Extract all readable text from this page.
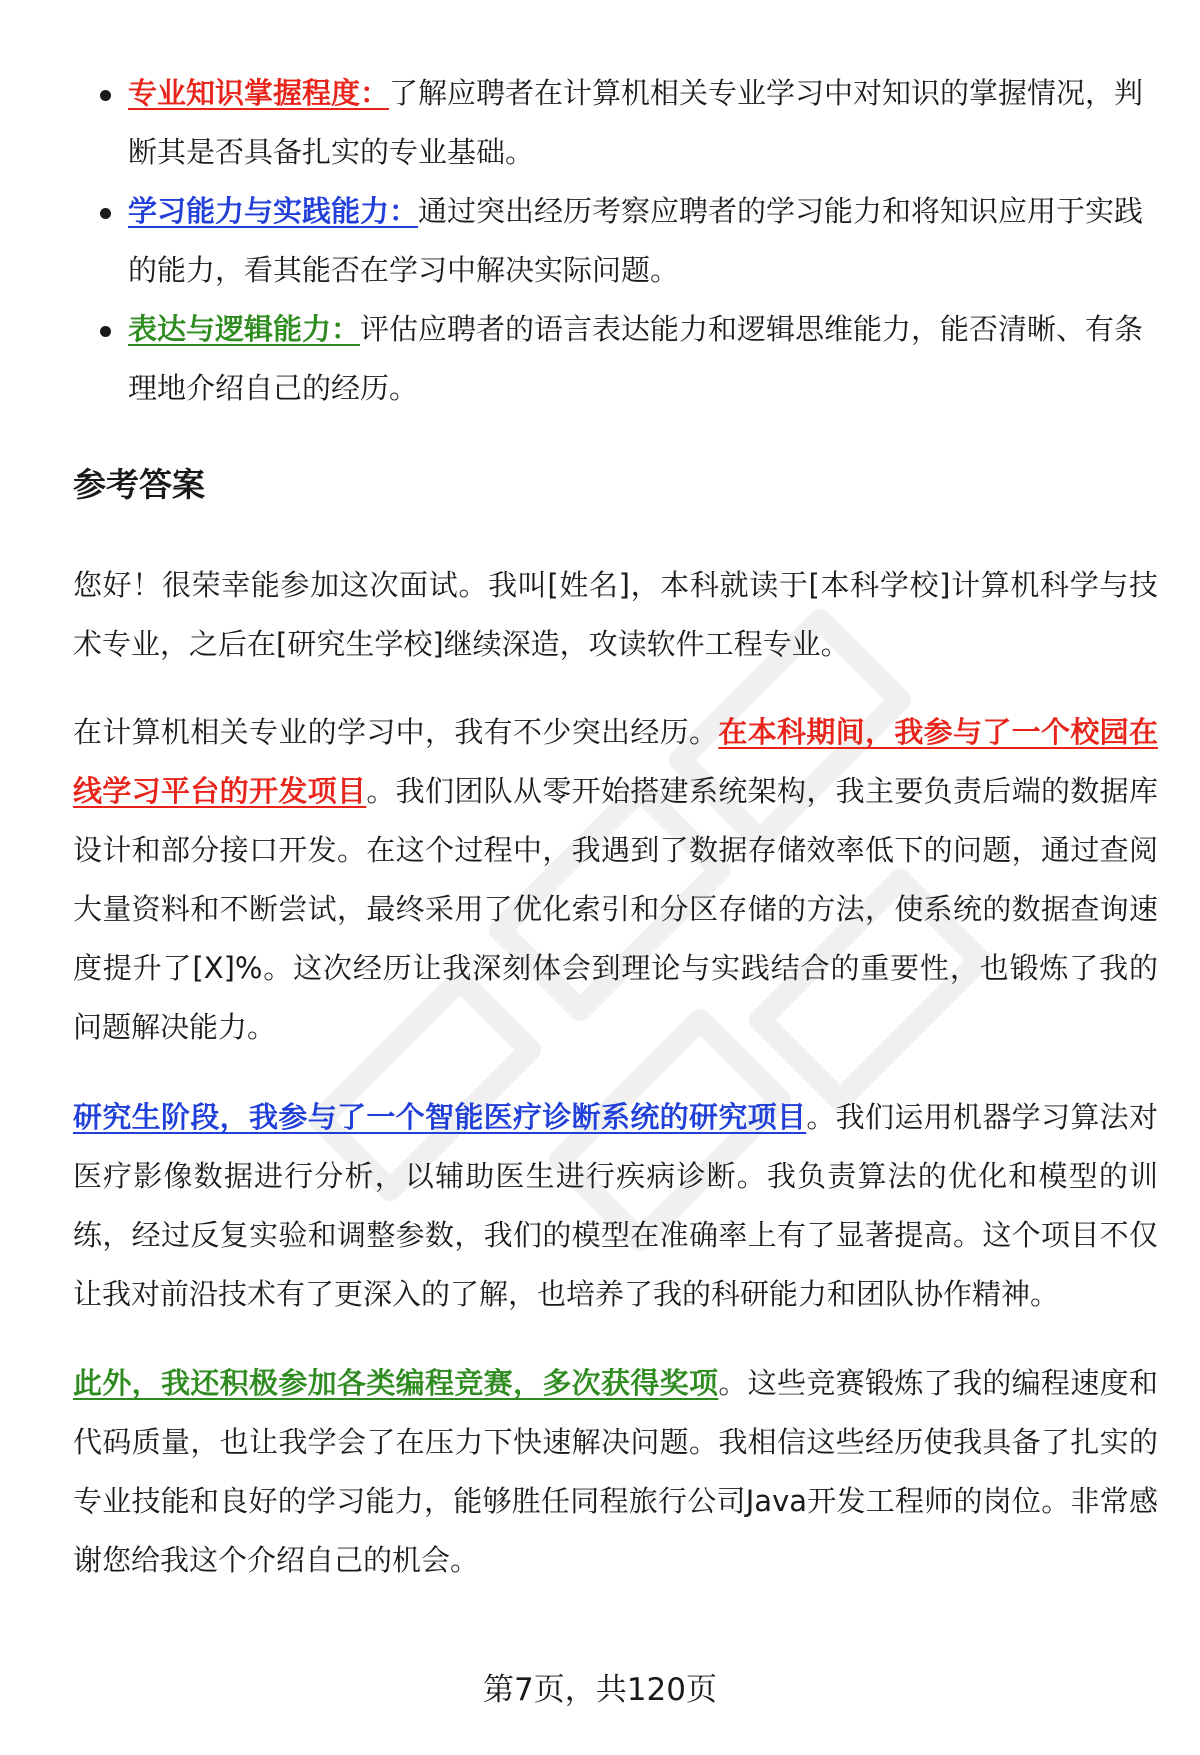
专业知识掌握程度：了解应聘者在计算机相关专业学习中对知识的掌握情况，判断其是否具备扎实的专业基础。
学习能力与实践能力：通过突出经历考察应聘者的学习能力和将知识应用于实践的能力，看其能否在学习中解决实际问题。
表达与逻辑能力：评估应聘者的语言表达能力和逻辑思维能力，能否清晰、有条理地介绍自己的经历。
参考答案

您好！很荣幸能参加这次面试。我叫[姓名]，本科就读于[本科学校]计算机科学与技术专业，之后在[研究生学校]继续深造，攻读软件工程专业。

在计算机相关专业的学习中，我有不少突出经历。在本科期间，我参与了一个校园在线学习平台的开发项目。我们团队从零开始搭建系统架构，我主要负责后端的数据库设计和部分接口开发。在这个过程中，我遇到了数据存储效率低下的问题，通过查阅大量资料和不断尝试，最终采用了优化索引和分区存储的方法，使系统的数据查询速度提升了[X]%。这次经历让我深刻体会到理论与实践结合的重要性，也锻炼了我的问题解决能力。

研究生阶段，我参与了一个智能医疗诊断系统的研究项目。我们运用机器学习算法对医疗影像数据进行分析，以辅助医生进行疾病诊断。我负责算法的优化和模型的训练，经过反复实验和调整参数，我们的模型在准确率上有了显著提高。这个项目不仅让我对前沿技术有了更深入的了解，也培养了我的科研能力和团队协作精神。

此外，我还积极参加各类编程竞赛，多次获得奖项。这些竞赛锻炼了我的编程速度和代码质量，也让我学会了在压力下快速解决问题。我相信这些经历使我具备了扎实的专业技能和良好的学习能力，能够胜任同程旅行公司Java开发工程师的岗位。非常感谢您给我这个介绍自己的机会。

第7页，共120页
